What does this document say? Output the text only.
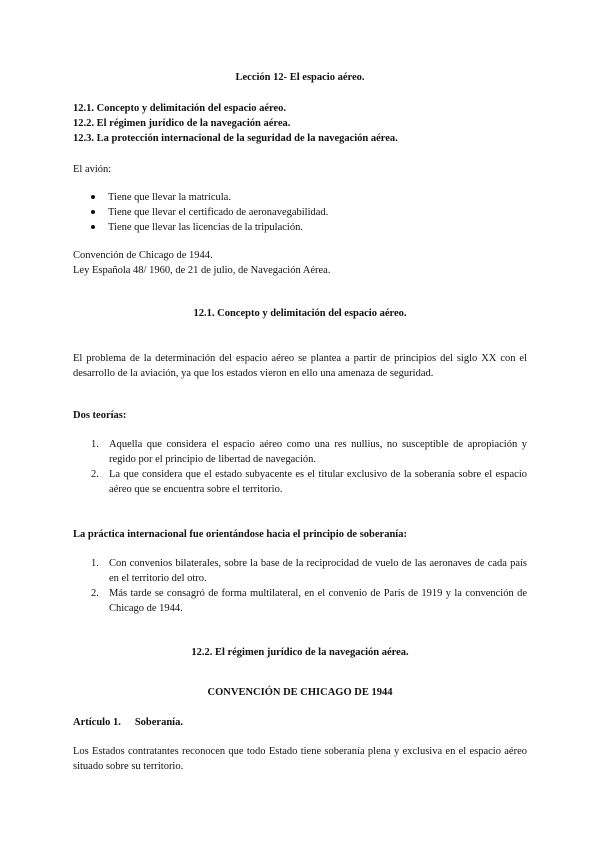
Lección 12- El espacio aéreo.

12.1. Concepto y delimitación del espacio aéreo.
12.2. El régimen jurídico de la navegación aérea.
12.3. La protección internacional de la seguridad de la navegación aérea.

El avión:

Tiene que llevar la matrícula.
Tiene que llevar el certificado de aeronavegabilidad.
Tiene que llevar las licencias de la tripulación.
Convención de Chicago de 1944.
Ley Española 48/ 1960, de 21 de julio, de Navegación Aérea.

12.1. Concepto y delimitación del espacio aéreo.

El problema de la determinación del espacio aéreo se plantea a partir de principios del siglo XX con el desarrollo de la aviación, ya que los estados vieron en ello una amenaza de seguridad.

Dos teorías:

1. Aquella que considera el espacio aéreo como una res nullius, no susceptible de apropiación y regido por el principio de libertad de navegación.
2. La que considera que el estado subyacente es el titular exclusivo de la soberanía sobre el espacio aéreo que se encuentra sobre el territorio.

La práctica internacional fue orientándose hacia el principio de soberanía:

1. Con convenios bilaterales, sobre la base de la reciprocidad de vuelo de las aeronaves de cada país en el territorio del otro.
2. Más tarde se consagró de forma multilateral, en el convenio de París de 1919 y la convención de Chicago de 1944.

12.2. El régimen jurídico de la navegación aérea.

CONVENCIÓN DE CHICAGO DE 1944

Artículo 1. Soberanía.

Los Estados contratantes reconocen que todo Estado tiene soberanía plena y exclusiva en el espacio aéreo situado sobre su territorio.
